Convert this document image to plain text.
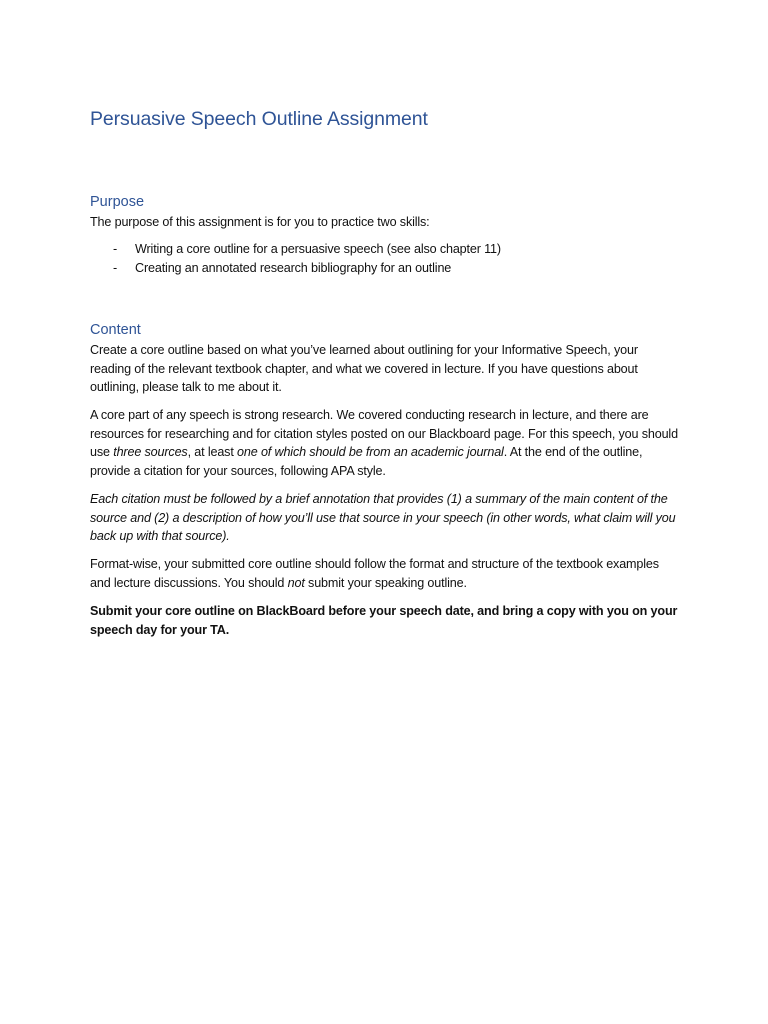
Persuasive Speech Outline Assignment
Purpose

The purpose of this assignment is for you to practice two skills:

- Writing a core outline for a persuasive speech (see also chapter 11)
- Creating an annotated research bibliography for an outline
Content

Create a core outline based on what you’ve learned about outlining for your Informative Speech, your reading of the relevant textbook chapter, and what we covered in lecture. If you have questions about outlining, please talk to me about it.

A core part of any speech is strong research. We covered conducting research in lecture, and there are resources for researching and for citation styles posted on our Blackboard page. For this speech, you should use three sources, at least one of which should be from an academic journal. At the end of the outline, provide a citation for your sources, following APA style.

Each citation must be followed by a brief annotation that provides (1) a summary of the main content of the source and (2) a description of how you’ll use that source in your speech (in other words, what claim will you back up with that source).

Format-wise, your submitted core outline should follow the format and structure of the textbook examples and lecture discussions. You should not submit your speaking outline.

Submit your core outline on BlackBoard before your speech date, and bring a copy with you on your speech day for your TA.
